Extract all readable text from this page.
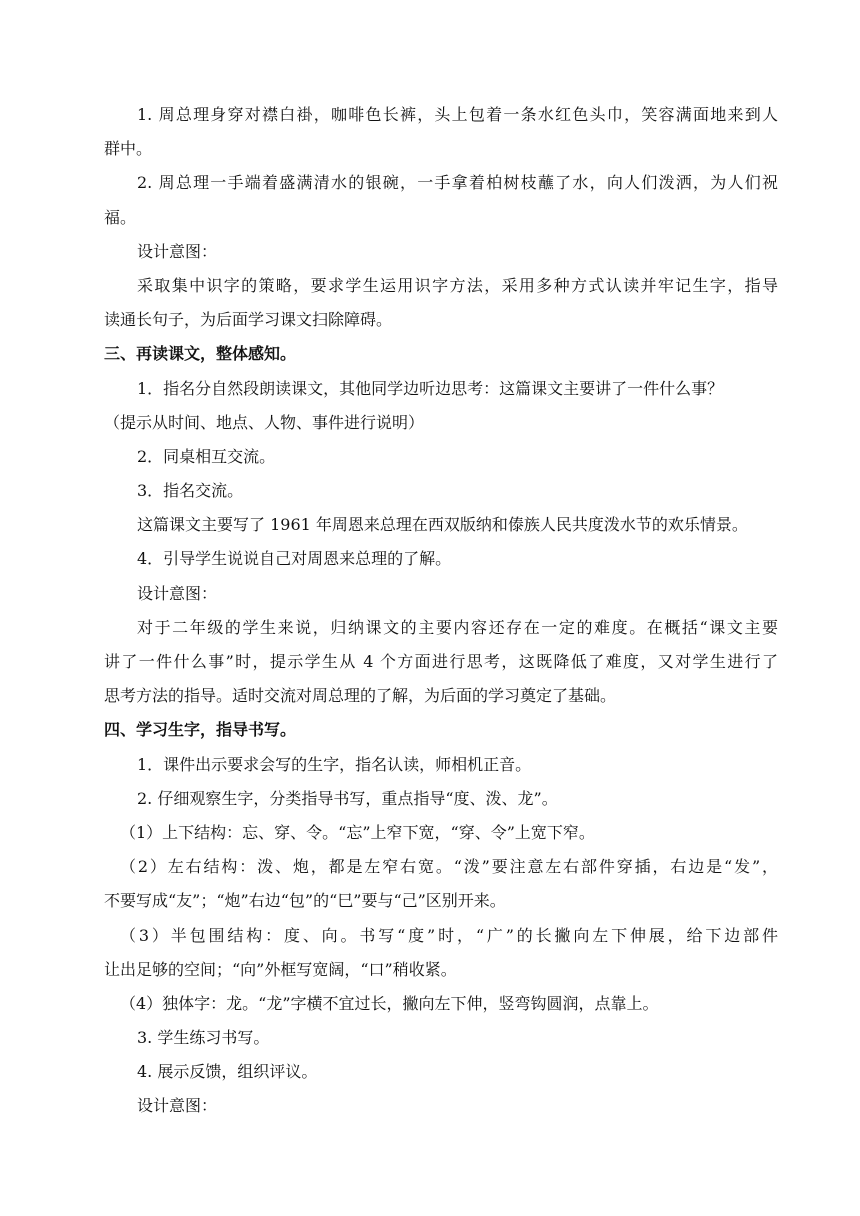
1. 周总理身穿对襟白褂，咖啡色长裤，头上包着一条水红色头巾，笑容满面地来到人
群中。
2. 周总理一手端着盛满清水的银碗，一手拿着柏树枝蘸了水，向人们泼洒，为人们祝
福。
设计意图：
采取集中识字的策略，要求学生运用识字方法，采用多种方式认读并牢记生字，指导
读通长句子，为后面学习课文扫除障碍。
三、再读课文，整体感知。
1．指名分自然段朗读课文，其他同学边听边思考：这篇课文主要讲了一件什么事？
（提示从时间、地点、人物、事件进行说明）
2．同桌相互交流。
3．指名交流。
这篇课文主要写了 1961 年周恩来总理在西双版纳和傣族人民共度泼水节的欢乐情景。
4．引导学生说说自己对周恩来总理的了解。
设计意图：
对于二年级的学生来说，归纳课文的主要内容还存在一定的难度。在概括“课文主要
讲了一件什么事”时，提示学生从 4 个方面进行思考，这既降低了难度，又对学生进行了
思考方法的指导。适时交流对周总理的了解，为后面的学习奠定了基础。
四、学习生字，指导书写。
1．课件出示要求会写的生字，指名认读，师相机正音。
2. 仔细观察生字，分类指导书写，重点指导“度、泼、龙”。
（1）上下结构：忘、穿、令。“忘”上窄下宽，“穿、令”上宽下窄。
（2）左右结构：泼、炮，都是左窄右宽。“泼”要注意左右部件穿插，右边是“发”，
不要写成“友”；“炮”右边“包”的“巳”要与“己”区别开来。
（3）半包围结构：度、向。书写“度”时，“广”的长撇向左下伸展，给下边部件
让出足够的空间；“向”外框写宽阔，“口”稍收紧。
（4）独体字：龙。“龙”字横不宜过长，撇向左下伸，竖弯钩圆润，点靠上。
3. 学生练习书写。
4. 展示反馈，组织评议。
设计意图：
